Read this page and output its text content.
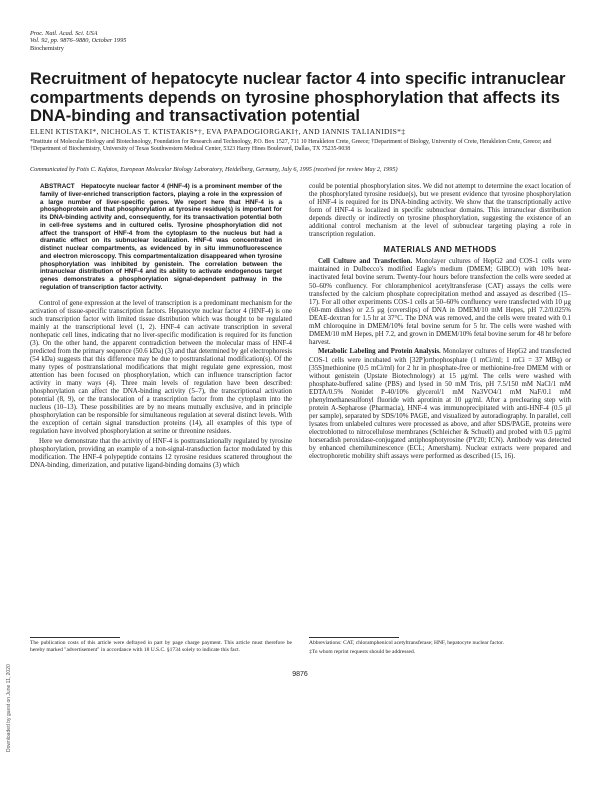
Proc. Natl. Acad. Sci. USA
Vol. 92, pp. 9876–9880, October 1995
Biochemistry
Recruitment of hepatocyte nuclear factor 4 into specific intranuclear compartments depends on tyrosine phosphorylation that affects its DNA-binding and transactivation potential
ELENI KTISTAKI*, NICHOLAS T. KTISTAKIS*†, EVA PAPADOGIORGAKI†, AND IANNIS TALIANIDIS*‡

*Institute of Molecular Biology and Biotechnology, Foundation for Research and Technology, P.O. Box 1527, 711 10 Herakleion Crete, Greece; †Department of Biology, University of Crete, Herakleion Crete, Greece; and †Department of Biochemistry, University of Texas Southwestern Medical Center, 5323 Harry Hines Boulevard, Dallas, TX 75235-9038

Communicated by Fotis C. Kafatos, European Molecular Biology Laboratory, Heidelberg, Germany, July 6, 1995 (received for review May 2, 1995)

ABSTRACT Hepatocyte nuclear factor 4 (HNF-4) is a prominent member of the family of liver-enriched transcription factors, playing a role in the expression of a large number of liver-specific genes. We report here that HNF-4 is a phosphoprotein and that phosphorylation at tyrosine residue(s) is important for its DNA-binding activity and, consequently, for its transactivation potential both in cell-free systems and in cultured cells. Tyrosine phosphorylation did not affect the transport of HNF-4 from the cytoplasm to the nucleus but had a dramatic effect on its subnuclear localization. HNF-4 was concentrated in distinct nuclear compartments, as evidenced by in situ immunofluorescence and electron microscopy. This compartmentalization disappeared when tyrosine phosphorylation was inhibited by genistein. The correlation between the intranuclear distribution of HNF-4 and its ability to activate endogenous target genes demonstrates a phosphorylation signal-dependent pathway in the regulation of transcription factor activity.

Control of gene expression at the level of transcription is a predominant mechanism for the activation of tissue-specific transcription factors. Hepatocyte nuclear factor 4 (HNF-4) is one such transcription factor with limited tissue distribution which was thought to be regulated mainly at the transcriptional level (1, 2). HNF-4 can activate transcription in several nonhepatic cell lines, indicating that no liver-specific modification is required for its function (3). On the other hand, the apparent contradiction between the molecular mass of HNF-4 predicted from the primary sequence (50.6 kDa) (3) and that determined by gel electrophoresis (54 kDa) suggests that this difference may be due to posttranslational modification(s). Of the many types of posttranslational modifications that might regulate gene expression, most attention has been focused on phosphorylation, which can influence transcription factor activity in many ways (4). Three main levels of regulation have been described: phosphorylation can affect the DNA-binding activity (5–7), the transcriptional activation potential (8, 9), or the translocation of a transcription factor from the cytoplasm into the nucleus (10–13). These possibilities are by no means mutually exclusive, and in principle phosphorylation can be responsible for simultaneous regulation at several distinct levels. With the exception of certain signal transduction proteins (14), all examples of this type of regulation have involved phosphorylation at serine or threonine residues.

Here we demonstrate that the activity of HNF-4 is posttranslationally regulated by tyrosine phosphorylation, providing an example of a non-signal-transduction factor modulated by this modification. The HNF-4 polypeptide contains 12 tyrosine residues scattered throughout the DNA-binding, dimerization, and putative ligand-binding domains (3) which

could be potential phosphorylation sites. We did not attempt to determine the exact location of the phosphorylated tyrosine residue(s), but we present evidence that tyrosine phosphorylation of HNF-4 is required for its DNA-binding activity. We show that the transcriptionally active form of HNF-4 is localized in specific subnuclear domains. This intranuclear distribution depends directly or indirectly on tyrosine phosphorylation, suggesting the existence of an additional control mechanism at the level of subnuclear targeting playing a role in transcription regulation.

MATERIALS AND METHODS

Cell Culture and Transfection. Monolayer cultures of HepG2 and COS-1 cells were maintained in Dulbecco's modified Eagle's medium (DMEM; GIBCO) with 10% heat-inactivated fetal bovine serum. Twenty-four hours before transfection the cells were seeded at 50–60% confluency. For chloramphenicol acetyltransferase (CAT) assays the cells were transfected by the calcium phosphate coprecipitation method and assayed as described (15–17). For all other experiments COS-1 cells at 50–60% confluency were transfected with 10 μg (60-mm dishes) or 2.5 μg (coverslips) of DNA in DMEM/10 mM Hepes, pH 7.2/0.025% DEAE-dextran for 1.5 hr at 37°C. The DNA was removed, and the cells were treated with 0.1 mM chloroquine in DMEM/10% fetal bovine serum for 5 hr. The cells were washed with DMEM/10 mM Hepes, pH 7.2, and grown in DMEM/10% fetal bovine serum for 48 hr before harvest.

Metabolic Labeling and Protein Analysis. Monolayer cultures of HepG2 and transfected COS-1 cells were incubated with [32P]orthophosphate (1 mCi/ml; 1 mCi = 37 MBq) or [35S]methionine (0.5 mCi/ml) for 2 hr in phosphate-free or methionine-free DMEM with or without genistein (Upstate Biotechnology) at 15 μg/ml. The cells were washed with phosphate-buffered saline (PBS) and lysed in 50 mM Tris, pH 7.5/150 mM NaCl/1 mM EDTA/0.5% Nonidet P-40/10% glycerol/1 mM Na3VO4/1 mM NaF/0.1 mM phenylmethanesulfonyl fluoride with aprotinin at 10 μg/ml. After a preclearing step with protein A-Sepharose (Pharmacia), HNF-4 was immunoprecipitated with anti-HNF-4 (0.5 μl per sample), separated by SDS/10% PAGE, and visualized by autoradiography. In parallel, cell lysates from unlabeled cultures were processed as above, and after SDS/PAGE, proteins were electroblotted to nitrocellulose membranes (Schleicher & Schuell) and probed with 0.5 μg/ml horseradish peroxidase-conjugated antiphosphotyrosine (PY20; ICN). Antibody was detected by enhanced chemiluminescence (ECL; Amersham). Nuclear extracts were prepared and electrophoretic mobility shift assays were performed as described (15, 16).

The publication costs of this article were defrayed in part by page charge payment. This article must therefore be hereby marked "advertisement" in accordance with 18 U.S.C. §1734 solely to indicate this fact.

Abbreviations: CAT, chloramphenicol acetyltransferase; HNF, hepatocyte nuclear factor.

‡To whom reprint requests should be addressed.

9876
Downloaded by guest on June 11, 2020
